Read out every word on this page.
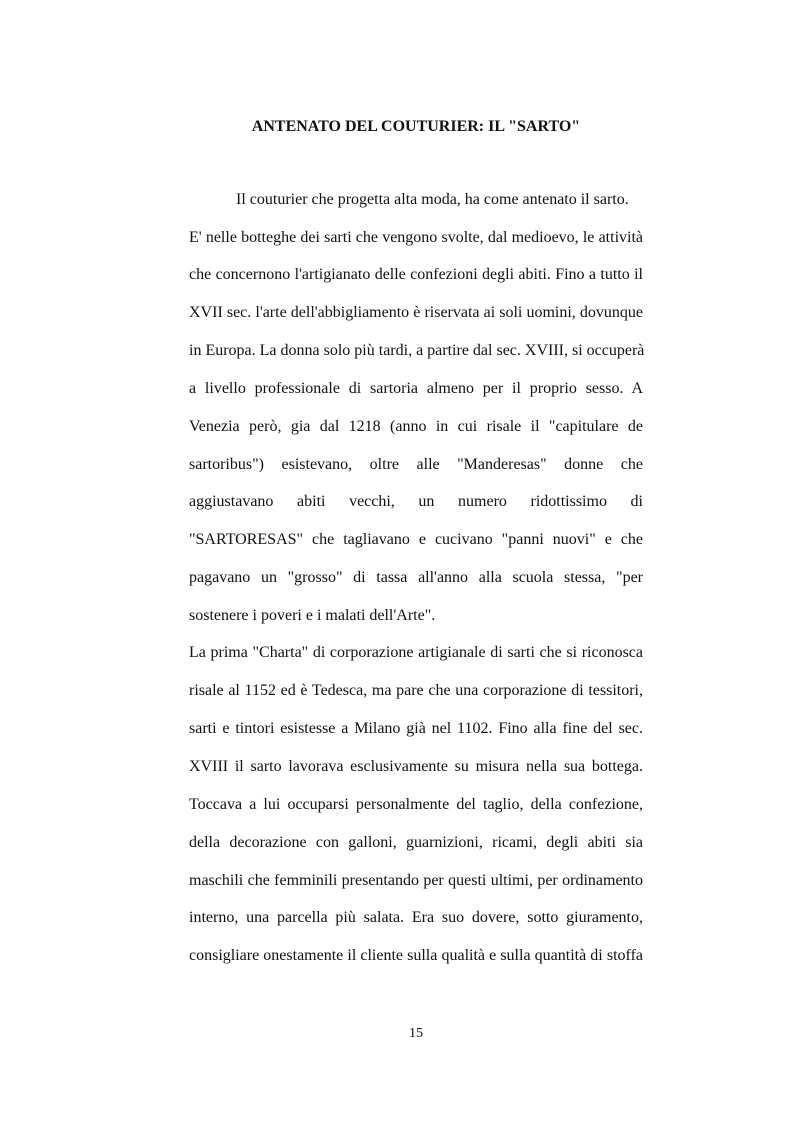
ANTENATO DEL COUTURIER: IL "SARTO"
Il couturier che progetta alta moda, ha come antenato il sarto.
E' nelle botteghe dei sarti che vengono svolte, dal medioevo, le attività
che concernono l'artigianato delle confezioni degli abiti. Fino a tutto il
XVII sec. l'arte dell'abbigliamento è riservata ai soli uomini, dovunque
in Europa. La donna solo più tardi, a partire dal sec. XVIII, si occuperà
a livello professionale di sartoria almeno per il proprio sesso. A
Venezia però, gia dal 1218 (anno in cui risale il "capitulare de
sartoribus") esistevano, oltre alle "Manderesas" donne che
aggiustavano abiti vecchi, un numero ridottissimo di
"SARTORESAS" che tagliavano e cucivano "panni nuovi" e che
pagavano un "grosso" di tassa all'anno alla scuola stessa, "per
sostenere i poveri e i malati dell'Arte".
La prima "Charta" di corporazione artigianale di sarti che si riconosca
risale al 1152 ed è Tedesca, ma pare che una corporazione di tessitori,
sarti e tintori esistesse a Milano già nel 1102. Fino alla fine del sec.
XVIII il sarto lavorava esclusivamente su misura nella sua bottega.
Toccava a lui occuparsi personalmente del taglio, della confezione,
della decorazione con galloni, guarnizioni, ricami, degli abiti sia
maschili che femminili presentando per questi ultimi, per ordinamento
interno, una parcella più salata. Era suo dovere, sotto giuramento,
consigliare onestamente il cliente sulla qualità e sulla quantità di stoffa
15
